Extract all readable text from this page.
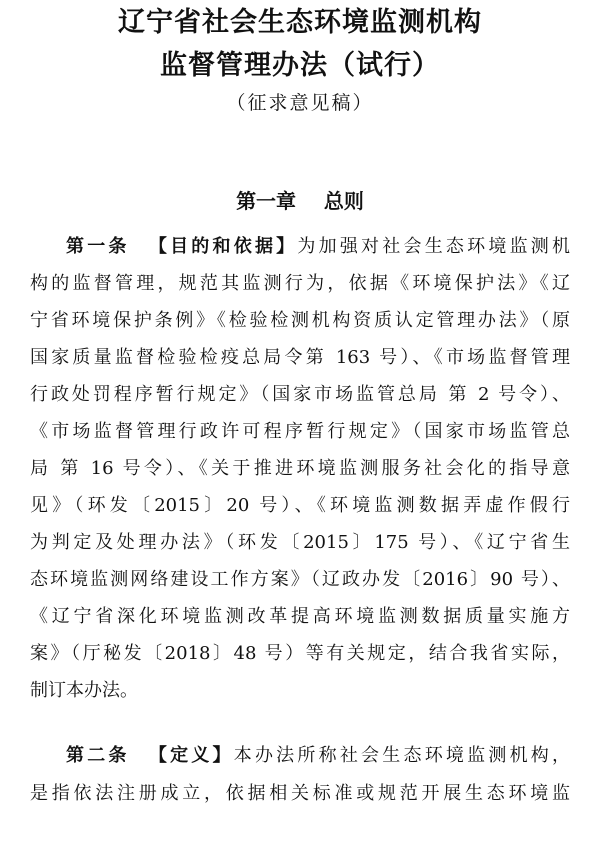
辽宁省社会生态环境监测机构
监督管理办法（试行）
（征求意见稿）
第一章    总则
第一条 【目的和依据】为加强对社会生态环境监测机
构的监督管理，规范其监测行为，依据《环境保护法》《辽
宁省环境保护条例》《检验检测机构资质认定管理办法》（原
国家质量监督检验检疫总局令第 163 号）、《市场监督管理
行政处罚程序暂行规定》（国家市场监管总局 第 2 号令）、
《市场监督管理行政许可程序暂行规定》（国家市场监管总
局 第 16 号令）、《关于推进环境监测服务社会化的指导意
见》（环发〔2015〕20 号）、《环境监测数据弄虚作假行
为判定及处理办法》（环发〔2015〕175 号）、《辽宁省生
态环境监测网络建设工作方案》（辽政办发〔2016〕90 号）、
《辽宁省深化环境监测改革提高环境监测数据质量实施方
案》（厅秘发〔2018〕48 号）等有关规定，结合我省实际，
制订本办法。
第二条 【定义】本办法所称社会生态环境监测机构，
是指依法注册成立，依据相关标准或规范开展生态环境监
